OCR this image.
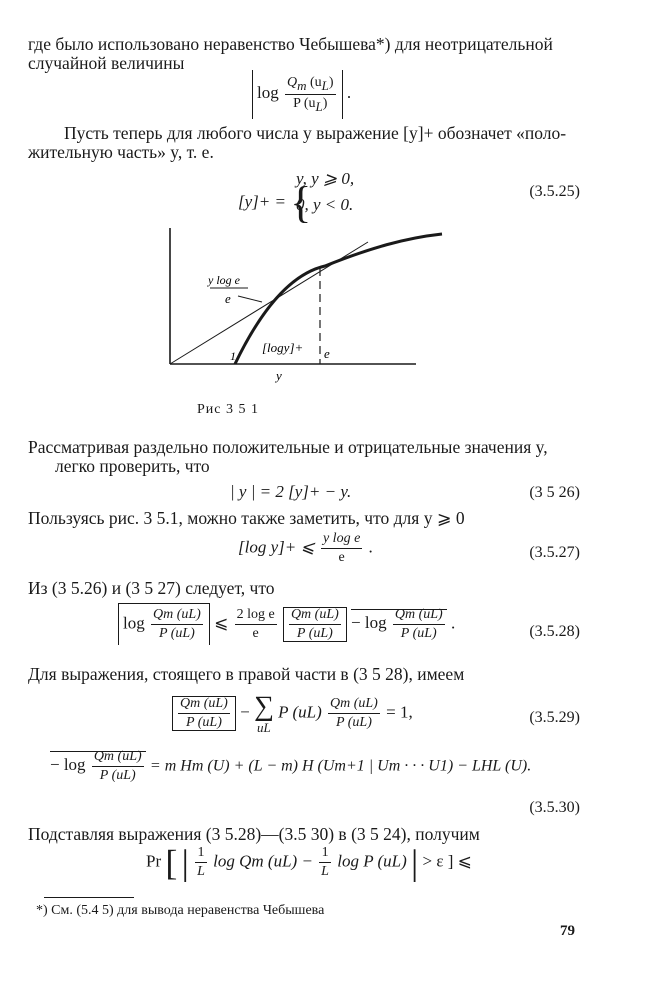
где было использовано неравенство Чебышева*) для неотрицательной
случайной величины
$\log \frac{Q_m (u_L)}{P (u_L)}$ .
Пусть теперь для любого числа y выражение [y]+ обозначет «поло-
жительную часть» y, т. е.
[y]+ = {
y, y ⩾ 0,
0, y < 0.
(3.5.25)
y log e
e
[logy]+
1	e
y
Рис 3 5 1
Рассматривая раздельно положительные и отрицательные значения y,
легко проверить, что
| y | = 2 [y]+ − y.	(3 5 26)
Пользуясь рис. 3 5.1, можно также заметить, что для y ⩾ 0
[log y]+ ⩽ $\frac{\text{y log e}}{e}$ .	(3.5.27)
Из (3 5.26) и (3 5 27) следует, что
$\log \frac{Qm (uL)}{P (uL)}$ ⩽ $\frac{\text{2 log e}}{e}$
$\frac{Qm (uL)}{P (uL)} - \log \frac{Qm (uL)}{P (uL)}$ .	(3.5.28)
Для выражения, стоящего в правой части в (3 5 28), имеем
$\frac{Qm (uL)}{P (uL)}$ − ∑
uL
P $(uL) \frac{Qm (uL)}{P (uL)} = 1$,	(3.5.29)
− $\log \frac{Qm (uL)}{P (uL)} = m$ Hm (U) + (L − m) H (Um+1 | Um · · · U1) − LHL (U).
(3.5.30)
Подставляя выражения (3 5.28)—(3.5 30) в (3 5 24), получим
Pr [ | $\frac{1}{L}$ log Qm $(uL) - \frac{1}{L}$ log P (uL) | > ε ] ⩽
*) См. (5.4 5) для вывода неравенства Чебышева
79
